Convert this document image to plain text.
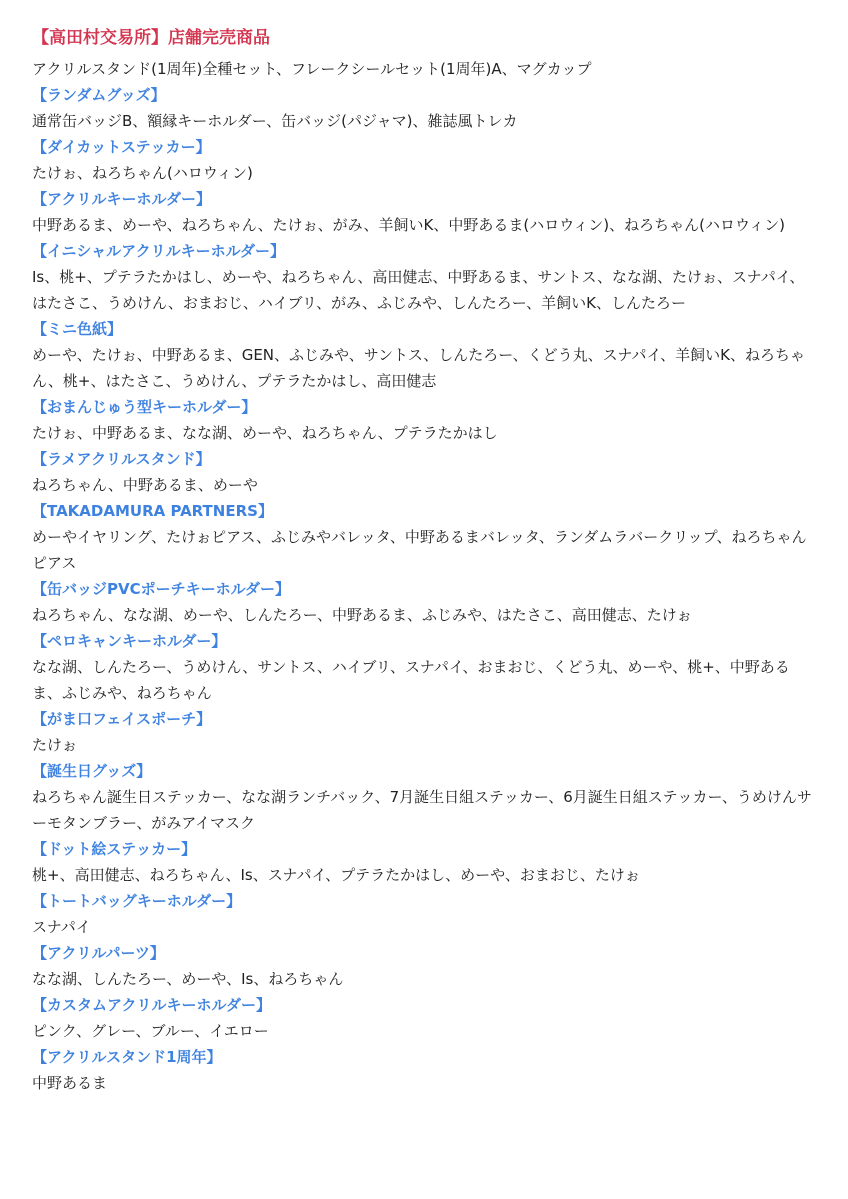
【高田村交易所】店舗完売商品
アクリルスタンド(1周年)全種セット、フレークシールセット(1周年)A、マグカップ
【ランダムグッズ】
通常缶バッジB、額縁キーホルダー、缶バッジ(パジャマ)、雑誌風トレカ
【ダイカットステッカー】
たけぉ、ねろちゃん(ハロウィン)
【アクリルキーホルダー】
中野あるま、めーや、ねろちゃん、たけぉ、がみ、羊飼いK、中野あるま(ハロウィン)、ねろちゃん(ハロウィン)
【イニシャルアクリルキーホルダー】
Is、桃+、プテラたかはし、めーや、ねろちゃん、高田健志、中野あるま、サントス、なな湖、たけぉ、スナパイ、はたさこ、うめけん、おまおじ、ハイブリ、がみ、ふじみや、しんたろー、羊飼いK、しんたろー
【ミニ色紙】
めーや、たけぉ、中野あるま、GEN、ふじみや、サントス、しんたろー、くどう丸、スナパイ、羊飼いK、ねろちゃん、桃+、はたさこ、うめけん、プテラたかはし、高田健志
【おまんじゅう型キーホルダー】
たけぉ、中野あるま、なな湖、めーや、ねろちゃん、プテラたかはし
【ラメアクリルスタンド】
ねろちゃん、中野あるま、めーや
【TAKADAMURA PARTNERS】
めーやイヤリング、たけぉピアス、ふじみやバレッタ、中野あるまバレッタ、ランダムラバークリップ、ねろちゃんピアス
【缶バッジPVCポーチキーホルダー】
ねろちゃん、なな湖、めーや、しんたろー、中野あるま、ふじみや、はたさこ、高田健志、たけぉ
【ペロキャンキーホルダー】
なな湖、しんたろー、うめけん、サントス、ハイブリ、スナパイ、おまおじ、くどう丸、めーや、桃+、中野あるま、ふじみや、ねろちゃん
【がま口フェイスポーチ】
たけぉ
【誕生日グッズ】
ねろちゃん誕生日ステッカー、なな湖ランチバック、7月誕生日組ステッカー、6月誕生日組ステッカー、うめけんサーモタンブラー、がみアイマスク
【ドット絵ステッカー】
桃+、高田健志、ねろちゃん、Is、スナパイ、プテラたかはし、めーや、おまおじ、たけぉ
【トートバッグキーホルダー】
スナパイ
【アクリルパーツ】
なな湖、しんたろー、めーや、Is、ねろちゃん
【カスタムアクリルキーホルダー】
ピンク、グレー、ブルー、イエロー
【アクリルスタンド1周年】
中野あるま
